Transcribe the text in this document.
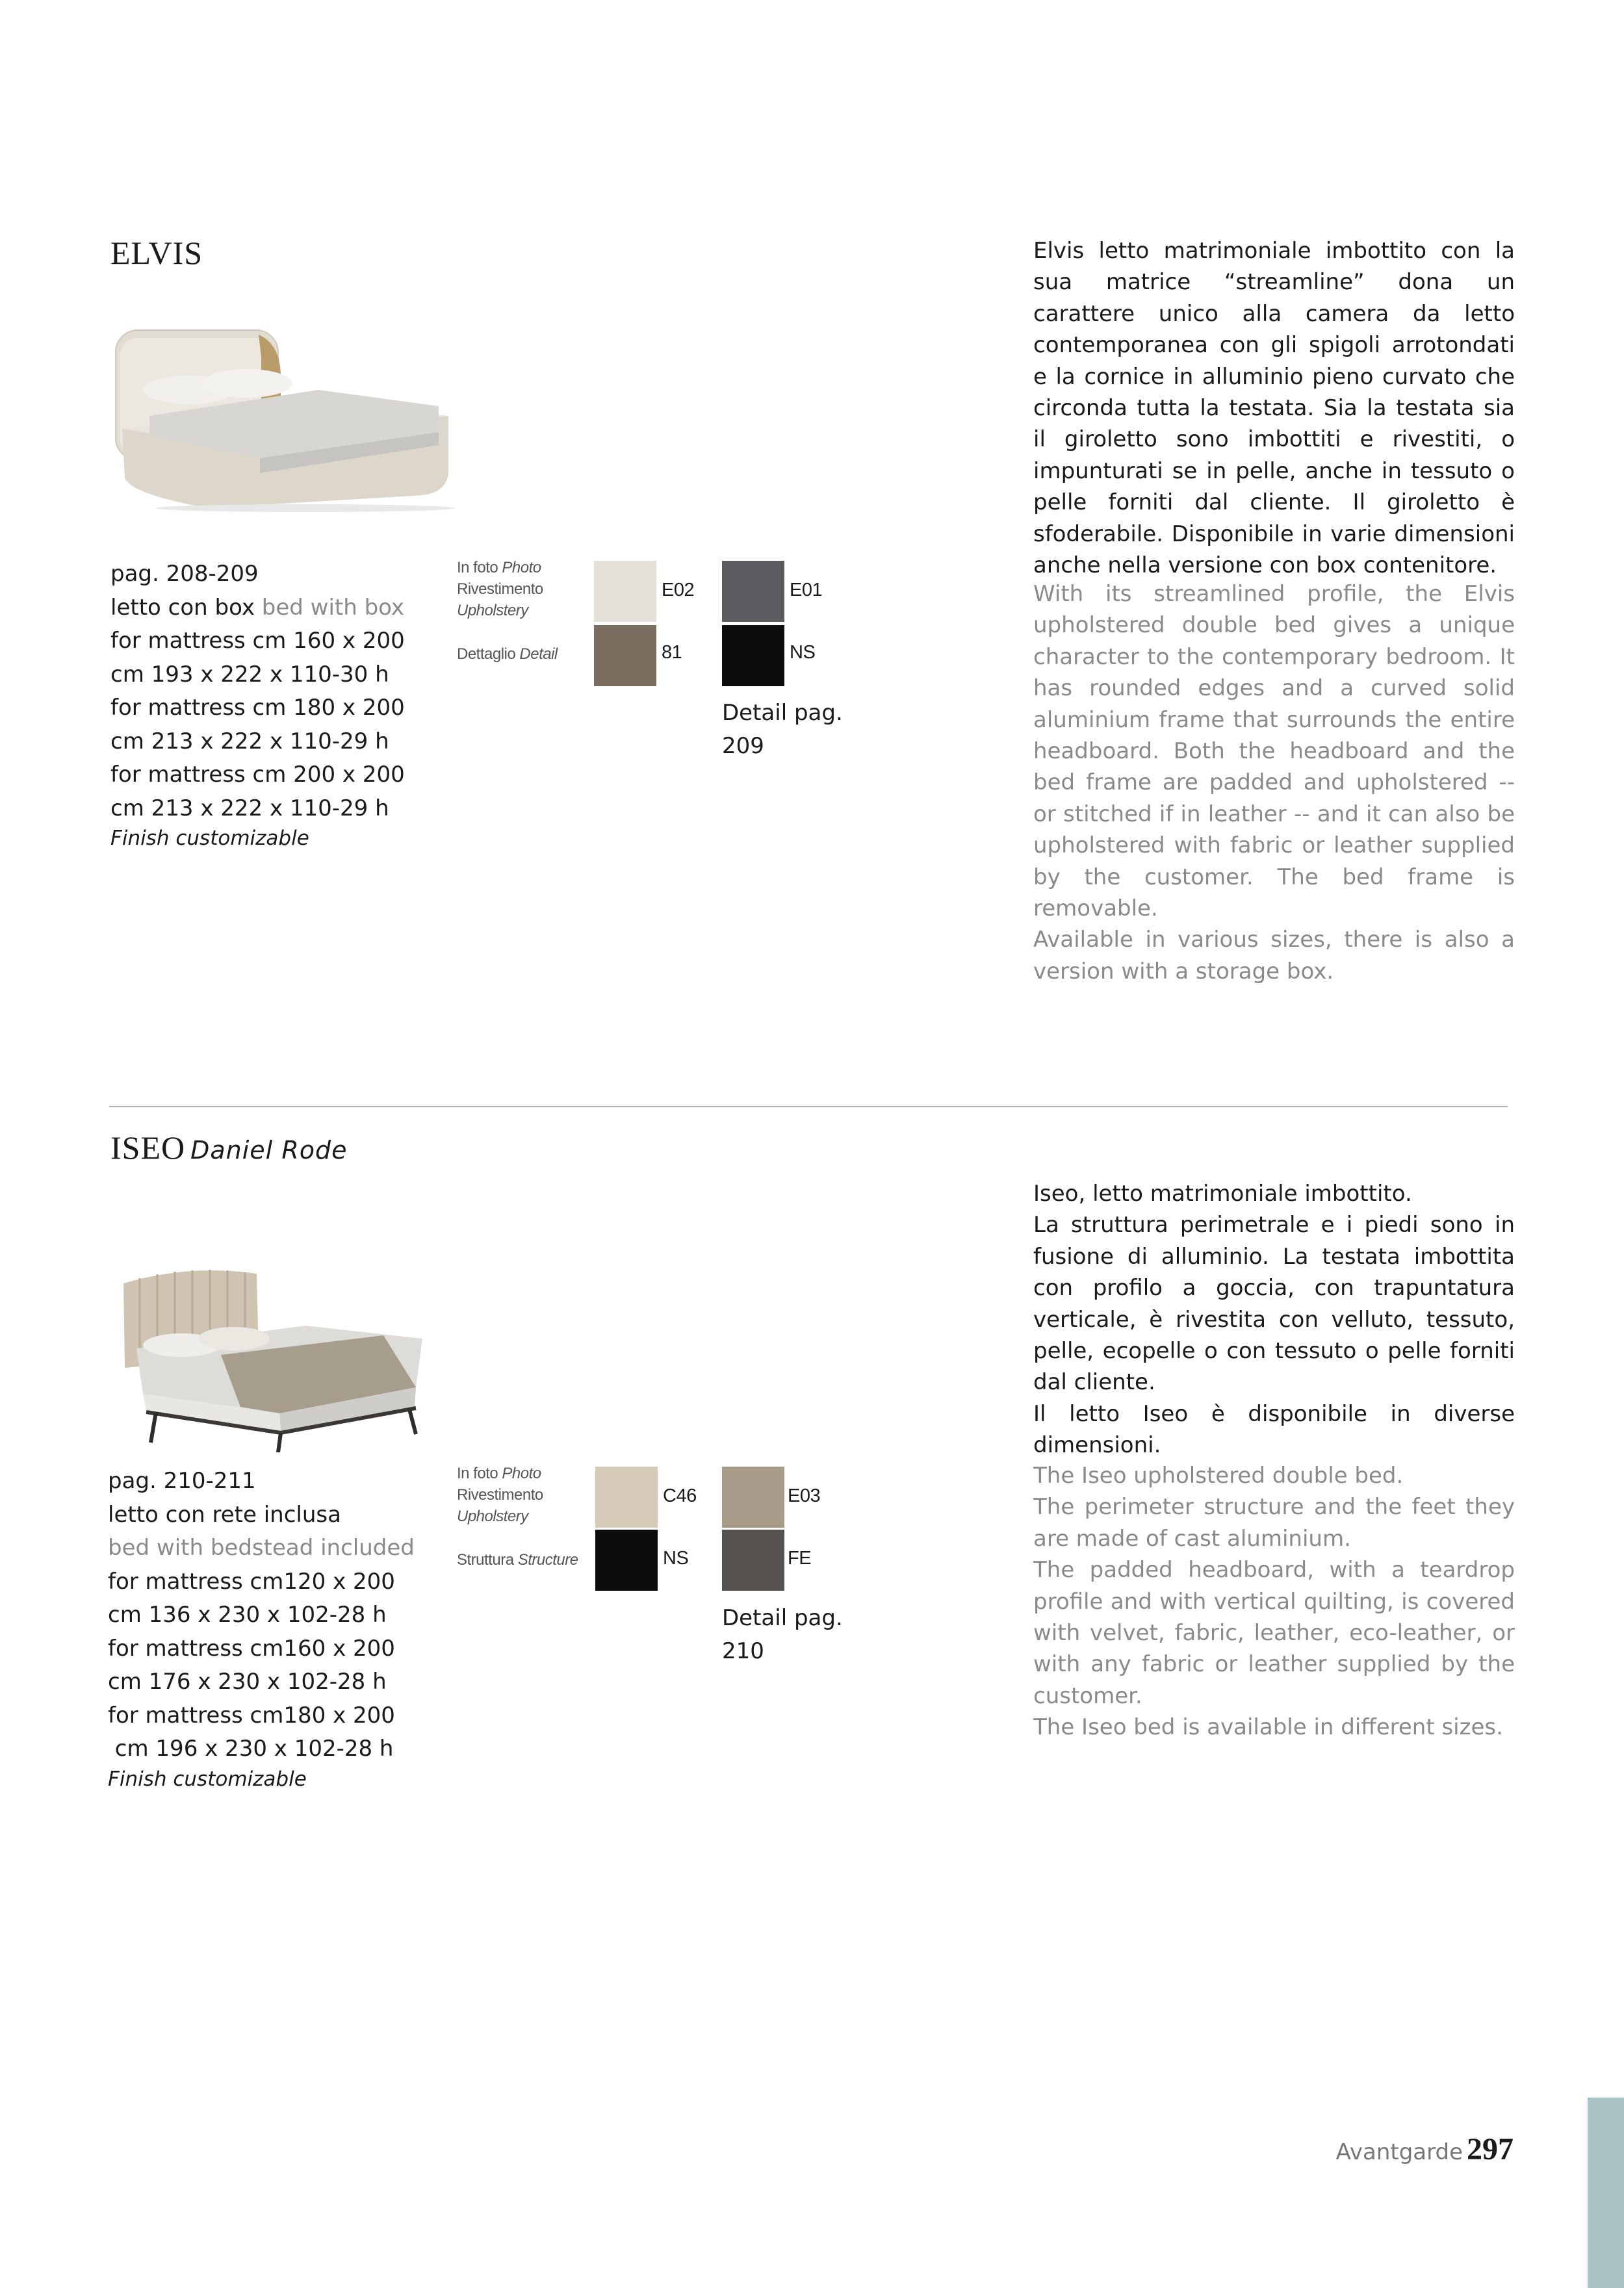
ELVIS
pag. 208-209
letto con box bed with box
for mattress cm 160 x 200
cm 193 x 222 x 110-30 h
for mattress cm 180 x 200
cm 213 x 222 x 110-29 h
for mattress cm 200 x 200
cm 213 x 222 x 110-29 h
Finish customizable
In foto Photo
Rivestimento
Upholstery
Dettaglio Detail
E02	E01
81	NS
Detail pag.
209
Elvis letto matrimoniale imbottito con la sua matrice “streamline” dona un carattere unico alla camera da letto contemporanea con gli spigoli arrotondati e la cornice in alluminio pieno curvato che circonda tutta la testata. Sia la testata sia il giroletto sono imbottiti e rivestiti, o impunturati se in pelle, anche in tessuto o pelle forniti dal cliente. Il giroletto è sfoderabile. Disponibile in varie dimensioni anche nella versione con box contenitore.
With its streamlined profile, the Elvis upholstered double bed gives a unique character to the contemporary bedroom. It has rounded edges and a curved solid aluminium frame that surrounds the entire headboard. Both the headboard and the bed frame are padded and upholstered -- or stitched if in leather -- and it can also be upholstered with fabric or leather supplied by the customer. The bed frame is removable.
Available in various sizes, there is also a version with a storage box.
ISEO Daniel Rode
pag. 210-211
letto con rete inclusa
bed with bedstead included
for mattress cm120 x 200
cm 136 x 230 x 102-28 h
for mattress cm160 x 200
cm 176 x 230 x 102-28 h
for mattress cm180 x 200
cm 196 x 230 x 102-28 h
Finish customizable
In foto Photo
Rivestimento
Upholstery
Struttura Structure
C46	E03
NS	FE
Detail pag.
210
Iseo, letto matrimoniale imbottito.
La struttura perimetrale e i piedi sono in fusione di alluminio. La testata imbottita con profilo a goccia, con trapuntatura verticale, è rivestita con velluto, tessuto, pelle, ecopelle o con tessuto o pelle forniti dal cliente.
Il letto Iseo è disponibile in diverse dimensioni.
The Iseo upholstered double bed.
The perimeter structure and the feet they are made of cast aluminium.
The padded headboard, with a teardrop profile and with vertical quilting, is covered with velvet, fabric, leather, eco-leather, or with any fabric or leather supplied by the customer.
The Iseo bed is available in different sizes.
Avantgarde 297
